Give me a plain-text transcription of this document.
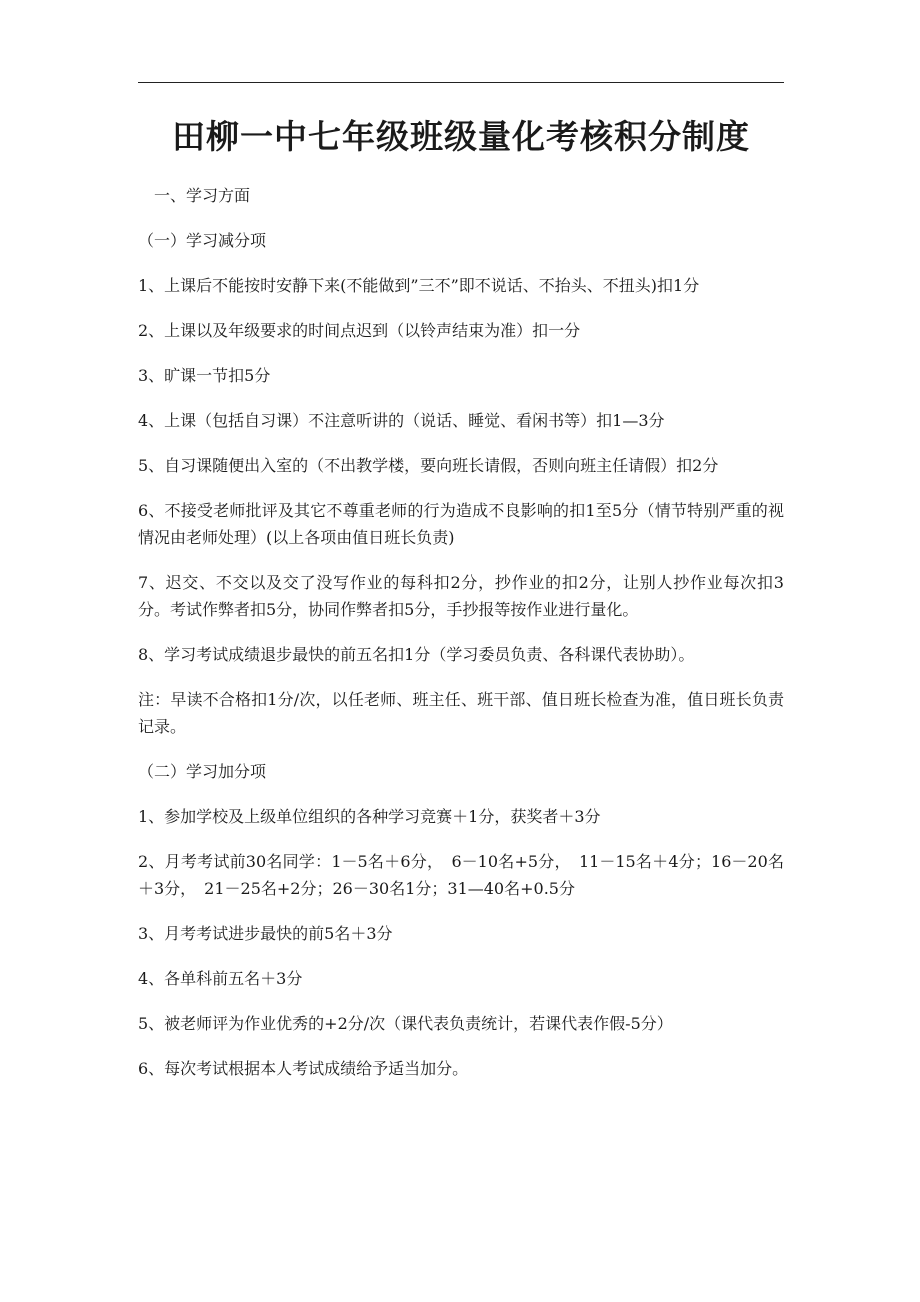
田柳一中七年级班级量化考核积分制度

一、学习方面

（一）学习减分项

1、上课后不能按时安静下来(不能做到”三不”即不说话、不抬头、不扭头)扣1分

2、上课以及年级要求的时间点迟到（以铃声结束为准）扣一分

3、旷课一节扣5分

4、上课（包括自习课）不注意听讲的（说话、睡觉、看闲书等）扣1—3分

5、自习课随便出入室的（不出教学楼，要向班长请假，否则向班主任请假）扣2分

6、不接受老师批评及其它不尊重老师的行为造成不良影响的扣1至5分（情节特别严重的视情况由老师处理）(以上各项由值日班长负责)

7、迟交、不交以及交了没写作业的每科扣2分，抄作业的扣2分，让别人抄作业每次扣3分。考试作弊者扣5分，协同作弊者扣5分，手抄报等按作业进行量化。

8、学习考试成绩退步最快的前五名扣1分（学习委员负责、各科课代表协助）。

注：早读不合格扣1分/次，以任老师、班主任、班干部、值日班长检查为准，值日班长负责记录。

（二）学习加分项

1、参加学校及上级单位组织的各种学习竞赛＋1分，获奖者＋3分

2、月考考试前30名同学：1－5名＋6分，　6－10名+5分，　11－15名＋4分；16－20名＋3分，　21－25名+2分；26－30名1分；31—40名+0.5分

3、月考考试进步最快的前5名＋3分

4、各单科前五名＋3分

5、被老师评为作业优秀的+2分/次（课代表负责统计，若课代表作假-5分）

6、每次考试根据本人考试成绩给予适当加分。
